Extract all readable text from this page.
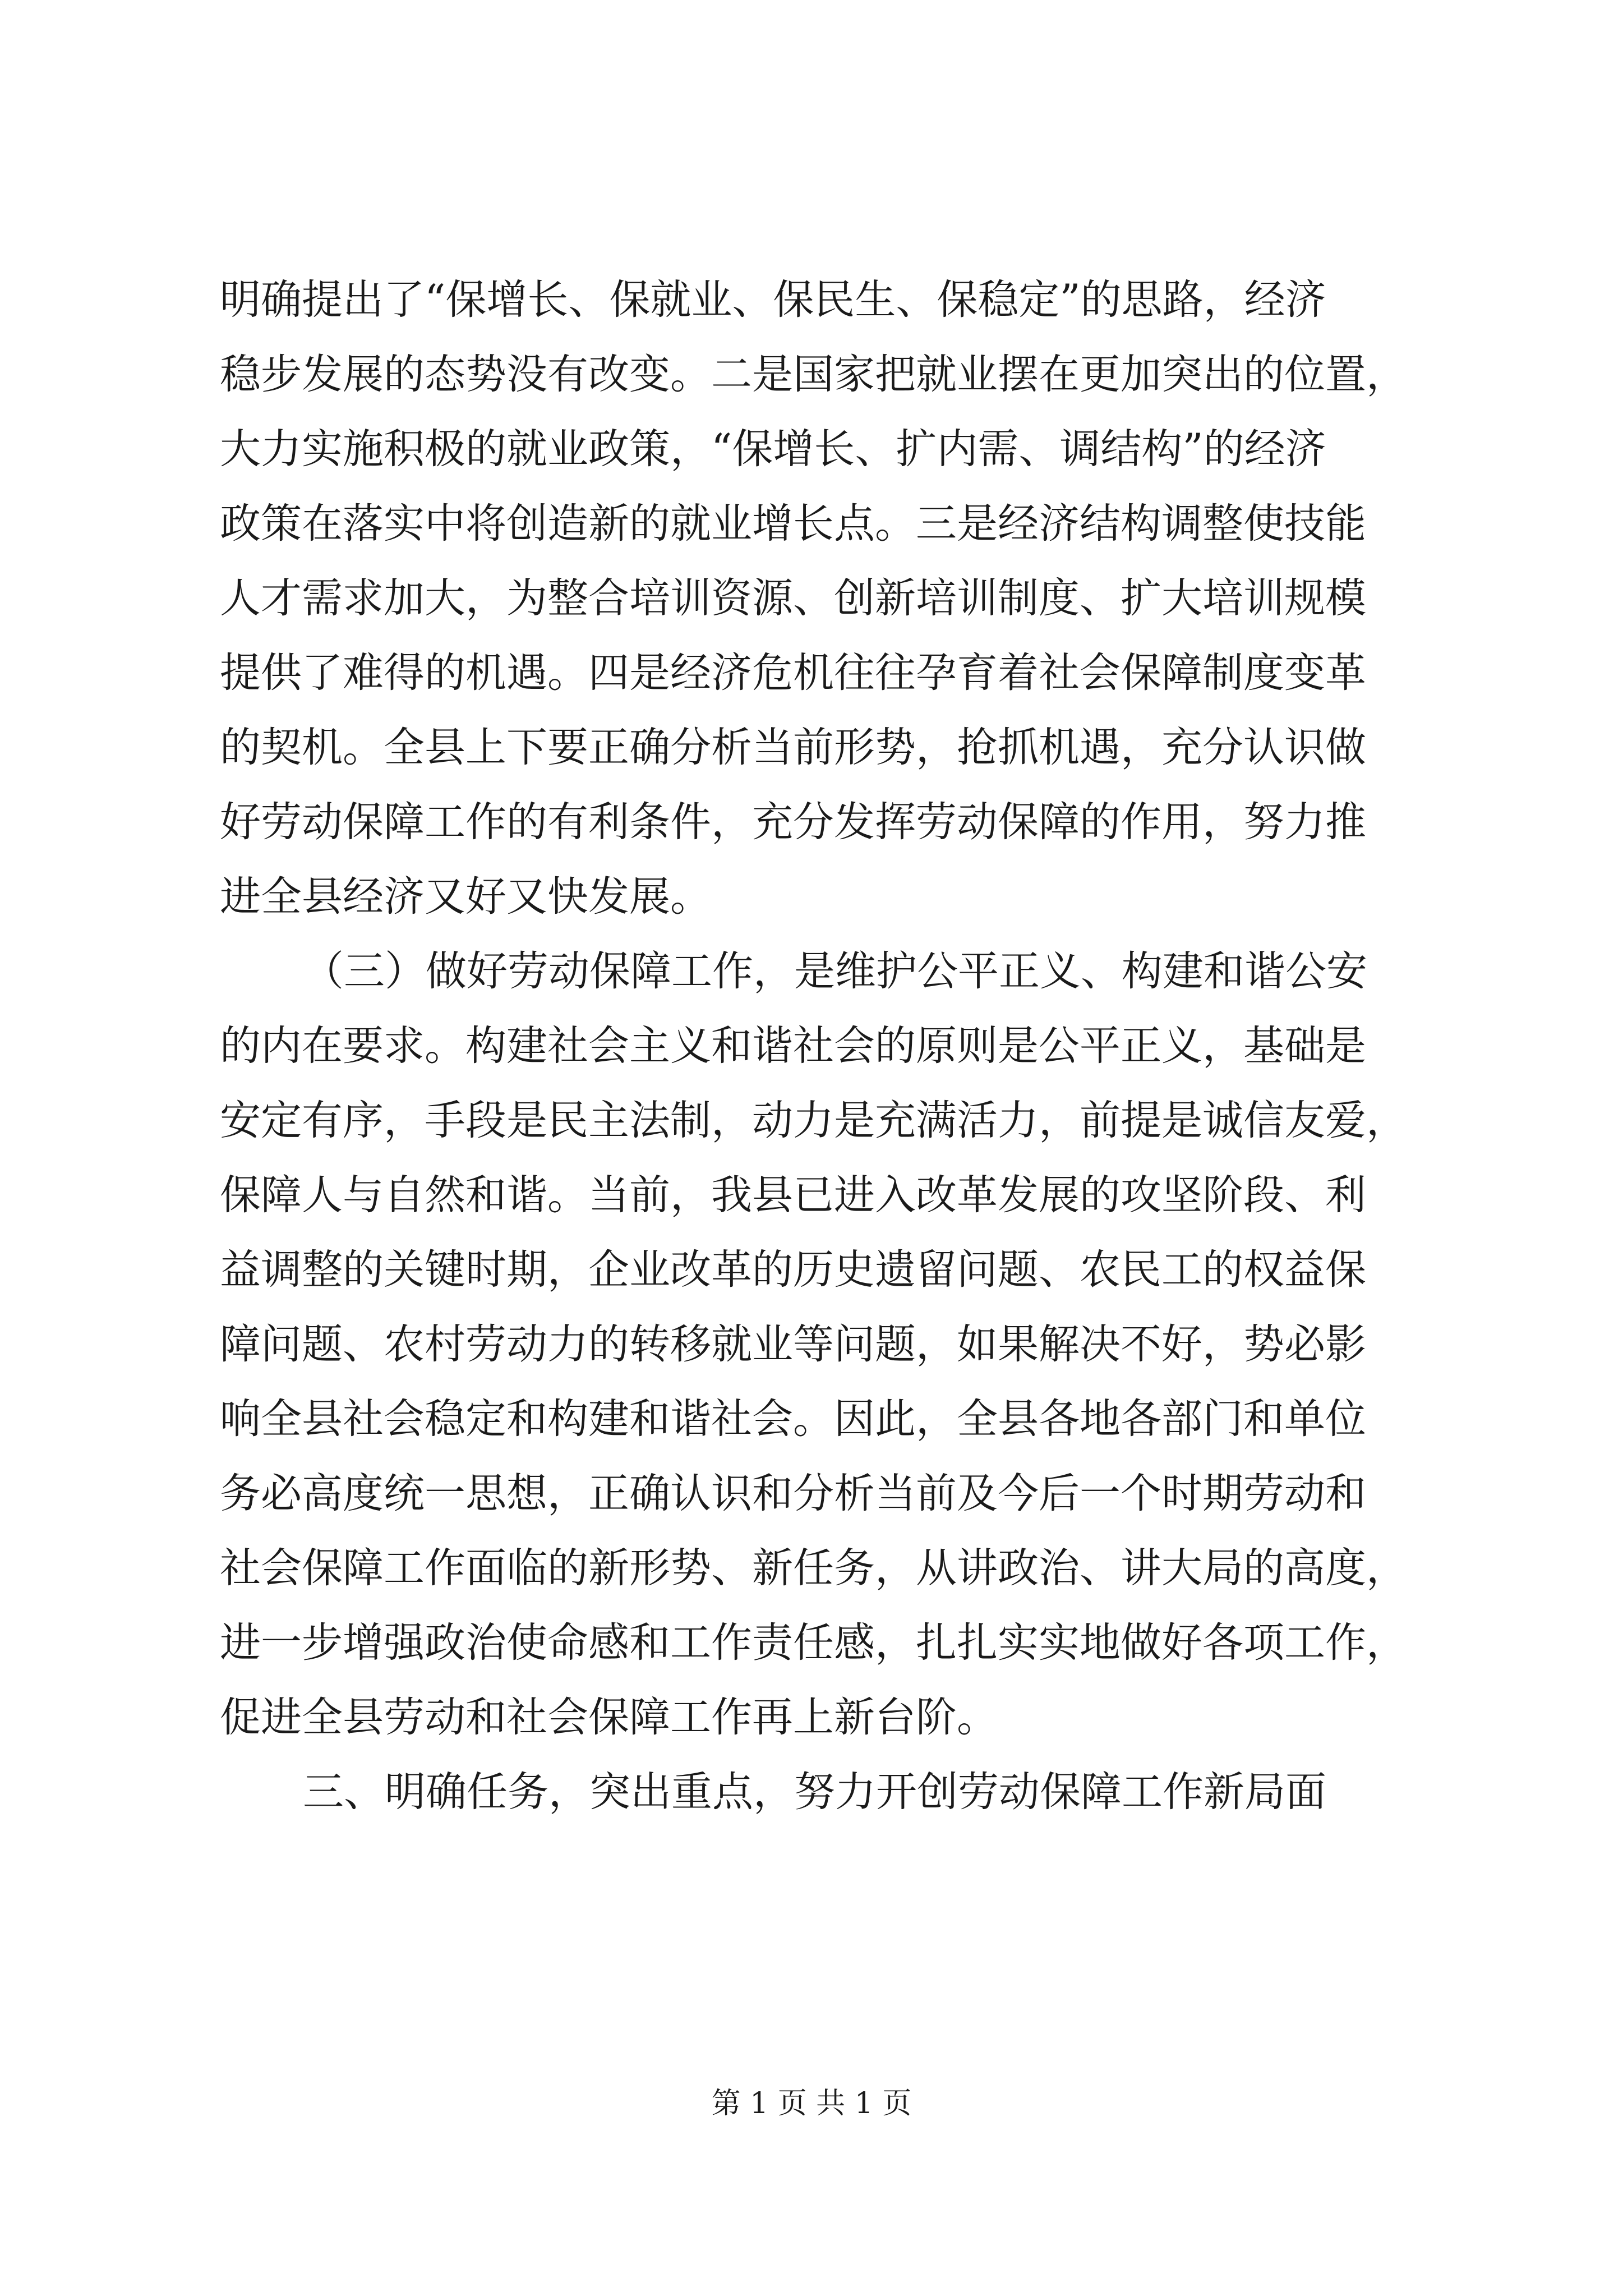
明确提出了“保增长、保就业、保民生、保稳定”的思路，经济
稳步发展的态势没有改变。二是国家把就业摆在更加突出的位置，
大力实施积极的就业政策，“保增长、扩内需、调结构”的经济
政策在落实中将创造新的就业增长点。三是经济结构调整使技能
人才需求加大，为整合培训资源、创新培训制度、扩大培训规模
提供了难得的机遇。四是经济危机往往孕育着社会保障制度变革
的契机。全县上下要正确分析当前形势，抢抓机遇，充分认识做
好劳动保障工作的有利条件，充分发挥劳动保障的作用，努力推
进全县经济又好又快发展。
（三）做好劳动保障工作，是维护公平正义、构建和谐公安
的内在要求。构建社会主义和谐社会的原则是公平正义，基础是
安定有序，手段是民主法制，动力是充满活力，前提是诚信友爱，
保障人与自然和谐。当前，我县已进入改革发展的攻坚阶段、利
益调整的关键时期，企业改革的历史遗留问题、农民工的权益保
障问题、农村劳动力的转移就业等问题，如果解决不好，势必影
响全县社会稳定和构建和谐社会。因此，全县各地各部门和单位
务必高度统一思想，正确认识和分析当前及今后一个时期劳动和
社会保障工作面临的新形势、新任务，从讲政治、讲大局的高度，
进一步增强政治使命感和工作责任感，扎扎实实地做好各项工作，
促进全县劳动和社会保障工作再上新台阶。
三、明确任务，突出重点，努力开创劳动保障工作新局面
第 1 页 共 1 页
